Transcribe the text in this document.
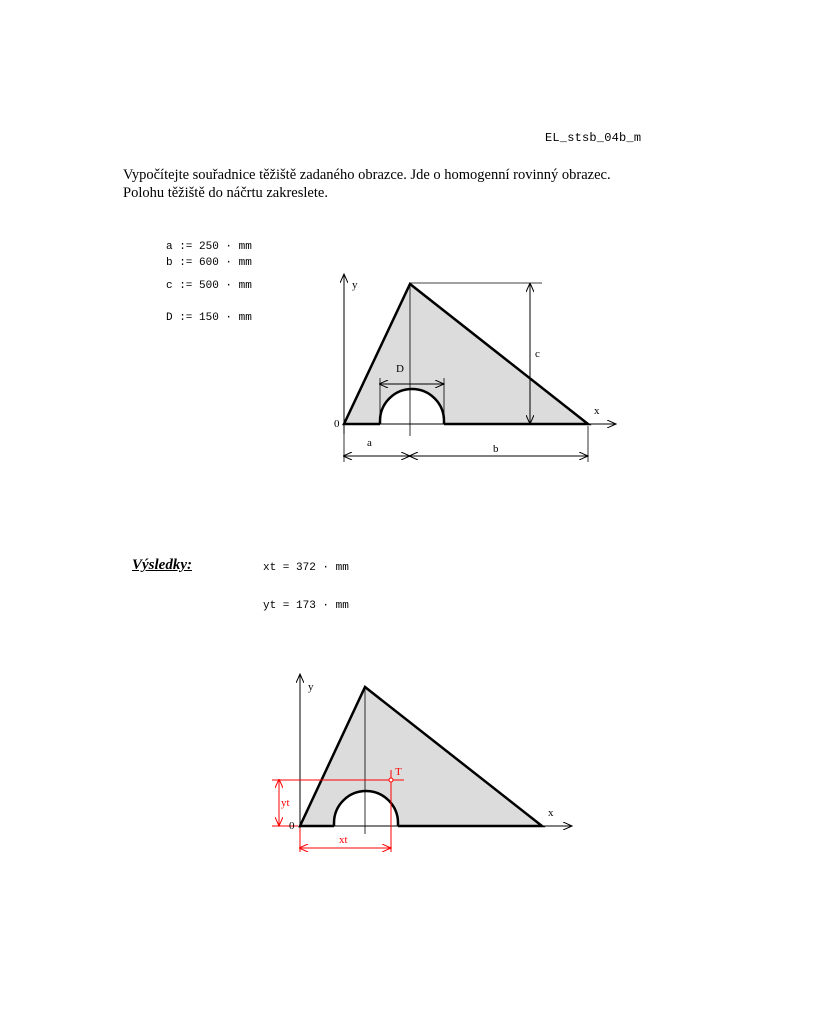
EL_stsb_04b_m
Vypočítejte souřadnice těžiště zadaného obrazce. Jde o homogenní rovinný obrazec.
Polohu těžiště do náčrtu zakreslete.
a := 250 · mm
b := 600 · mm
c := 500 · mm
D := 150 · mm
y
x
0
c
D
a	b
Výsledky:	xt = 372 · mm
yt = 173 · mm
y
x
0
T
yt
xt
